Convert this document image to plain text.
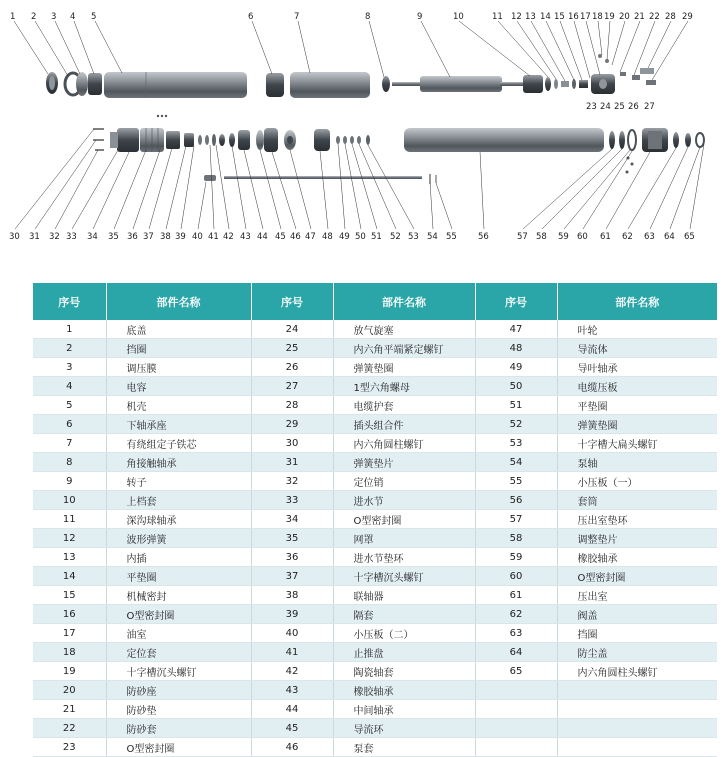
1 2 3 4 5	6	7	8	9	10	11 12 13 14 15 16 17 18 19 20 21 22 28 29
23 24 25 26 27
30 31 32 33 34 35 36 37 38 39 40 41 42 43 44 45 46 47 48 49 50 51 52 53 54 55 56	57 58 59 60 61 62 63 64 65
序号	部件名称	序号	部件名称	序号	部件名称
1	底盖	24	放气旋塞	47	叶轮
2	挡圈	25	内六角平端紧定螺钉	48	导流体
3	调压膜	26	弹簧垫圈	49	导叶轴承
4	电容	27	1型六角螺母	50	电缆压板
5	机壳	28	电缆护套	51	平垫圈
6	下轴承座	29	插头组合件	52	弹簧垫圈
7	有绕组定子铁芯	30	内六角圆柱螺钉	53	十字槽大扁头螺钉
8	角接触轴承	31	弹簧垫片	54	泵轴
9	转子	32	定位销	55	小压板（一）
10	上档套	33	进水节	56	套筒
11	深沟球轴承	34	O型密封圈	57	压出室垫环
12	波形弹簧	35	网罩	58	调整垫片
13	内插	36	进水节垫环	59	橡胶轴承
14	平垫圈	37	十字槽沉头螺钉	60	O型密封圈
15	机械密封	38	联轴器	61	压出室
16	O型密封圈	39	隔套	62	阀盖
17	油室	40	小压板（二）	63	挡圈
18	定位套	41	止推盘	64	防尘盖
19	十字槽沉头螺钉	42	陶瓷轴套	65	内六角圆柱头螺钉
20	防砂座	43	橡胶轴承		
21	防砂垫	44	中间轴承		
22	防砂套	45	导流环		
23	O型密封圈	46	泵套		
